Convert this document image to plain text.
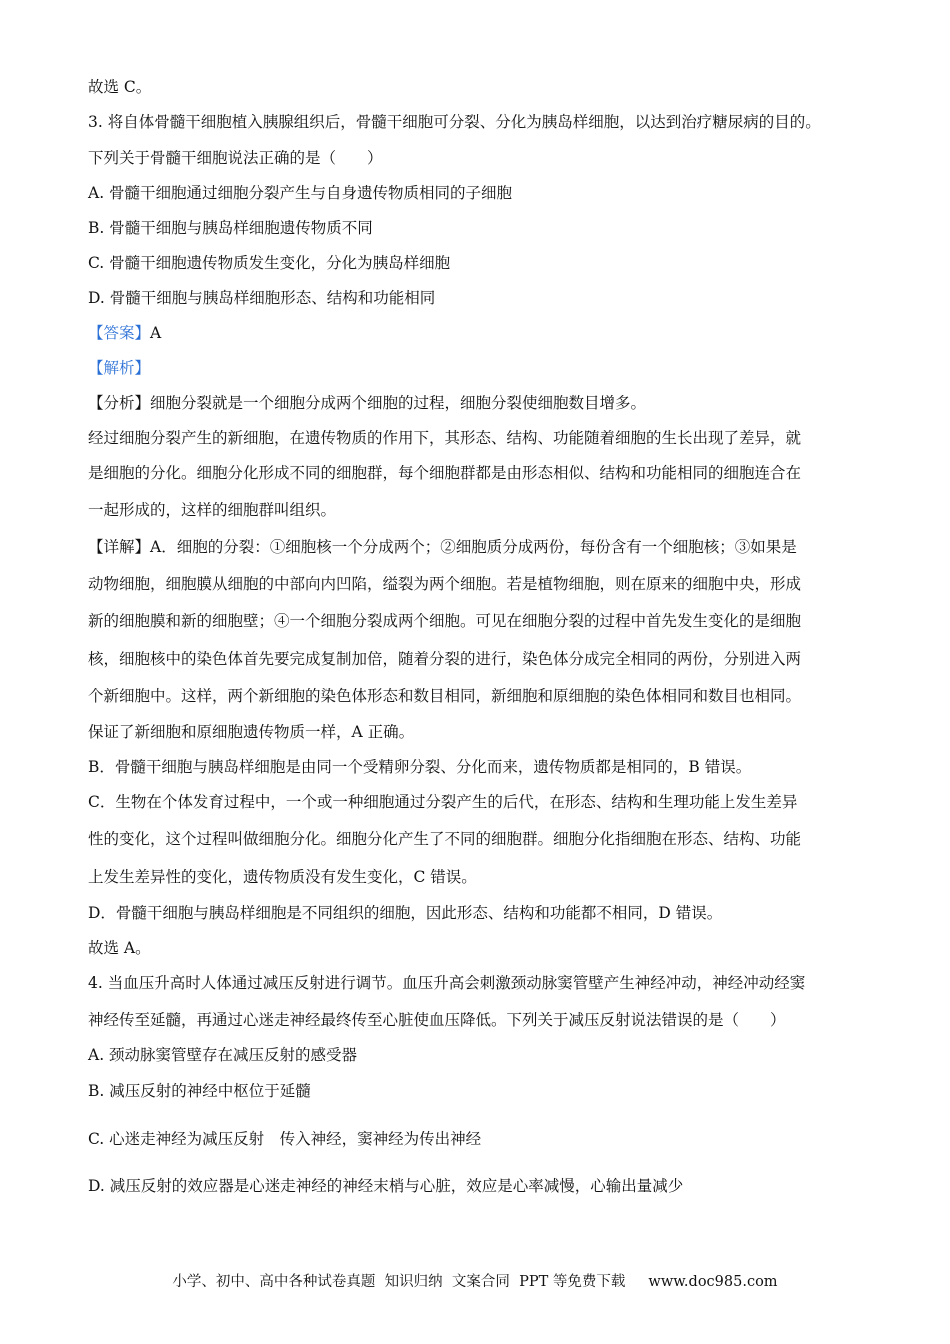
故选 C。
3. 将自体骨髓干细胞植入胰腺组织后，骨髓干细胞可分裂、分化为胰岛样细胞，以达到治疗糖尿病的目的。
下列关于骨髓干细胞说法正确的是（　　）
A. 骨髓干细胞通过细胞分裂产生与自身遗传物质相同的子细胞
B. 骨髓干细胞与胰岛样细胞遗传物质不同
C. 骨髓干细胞遗传物质发生变化，分化为胰岛样细胞
D. 骨髓干细胞与胰岛样细胞形态、结构和功能相同
【答案】A
【解析】
【分析】细胞分裂就是一个细胞分成两个细胞的过程，细胞分裂使细胞数目增多。
经过细胞分裂产生的新细胞，在遗传物质的作用下，其形态、结构、功能随着细胞的生长出现了差异，就
是细胞的分化。细胞分化形成不同的细胞群，每个细胞群都是由形态相似、结构和功能相同的细胞连合在
一起形成的，这样的细胞群叫组织。
【详解】A．细胞的分裂：①细胞核一个分成两个；②细胞质分成两份，每份含有一个细胞核；③如果是
动物细胞，细胞膜从细胞的中部向内凹陷，缢裂为两个细胞。若是植物细胞，则在原来的细胞中央，形成
新的细胞膜和新的细胞壁；④一个细胞分裂成两个细胞。可见在细胞分裂的过程中首先发生变化的是细胞
核，细胞核中的染色体首先要完成复制加倍，随着分裂的进行，染色体分成完全相同的两份，分别进入两
个新细胞中。这样，两个新细胞的染色体形态和数目相同，新细胞和原细胞的染色体相同和数目也相同。
保证了新细胞和原细胞遗传物质一样，A 正确。
B．骨髓干细胞与胰岛样细胞是由同一个受精卵分裂、分化而来，遗传物质都是相同的，B 错误。
C．生物在个体发育过程中，一个或一种细胞通过分裂产生的后代，在形态、结构和生理功能上发生差异
性的变化，这个过程叫做细胞分化。细胞分化产生了不同的细胞群。细胞分化指细胞在形态、结构、功能
上发生差异性的变化，遗传物质没有发生变化，C 错误。
D．骨髓干细胞与胰岛样细胞是不同组织的细胞，因此形态、结构和功能都不相同，D 错误。
故选 A。
4. 当血压升高时人体通过减压反射进行调节。血压升高会刺激颈动脉窦管壁产生神经冲动，神经冲动经窦
神经传至延髓，再通过心迷走神经最终传至心脏使血压降低。下列关于减压反射说法错误的是（　　）
A. 颈动脉窦管壁存在减压反射的感受器
B. 减压反射的神经中枢位于延髓
C. 心迷走神经为减压反射　传入神经，窦神经为传出神经
D. 减压反射的效应器是心迷走神经的神经末梢与心脏，效应是心率减慢，心输出量减少
小学、初中、高中各种试卷真题  知识归纳  文案合同  PPT 等免费下载     www.doc985.com
